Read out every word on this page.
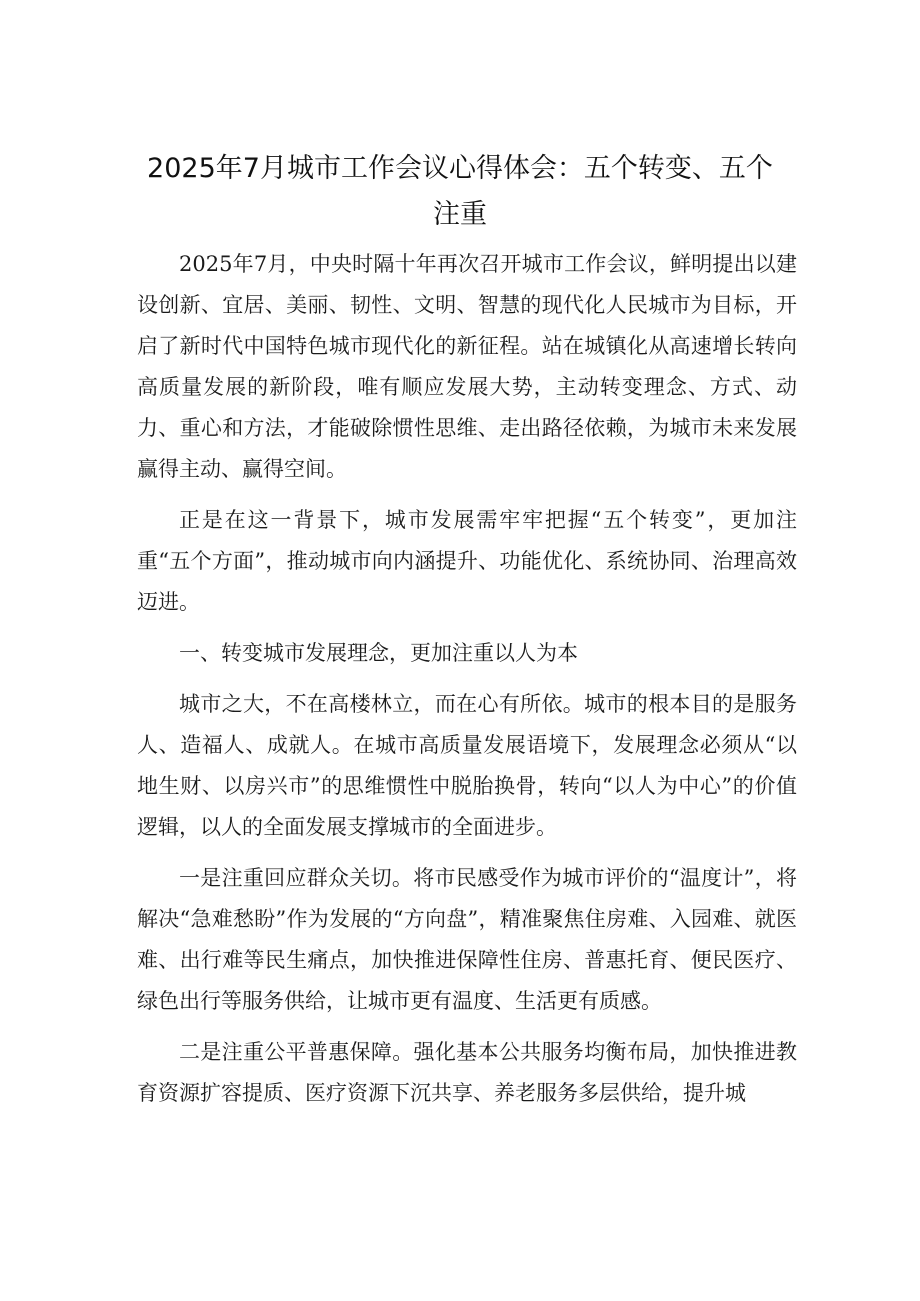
2025年7月城市工作会议心得体会：五个转变、五个
注重

2025年7月，中央时隔十年再次召开城市工作会议，鲜明提出以建设创新、宜居、美丽、韧性、文明、智慧的现代化人民城市为目标，开启了新时代中国特色城市现代化的新征程。站在城镇化从高速增长转向高质量发展的新阶段，唯有顺应发展大势，主动转变理念、方式、动力、重心和方法，才能破除惯性思维、走出路径依赖，为城市未来发展赢得主动、赢得空间。

正是在这一背景下，城市发展需牢牢把握“五个转变”，更加注重“五个方面”，推动城市向内涵提升、功能优化、系统协同、治理高效迈进。

一、转变城市发展理念，更加注重以人为本

城市之大，不在高楼林立，而在心有所依。城市的根本目的是服务人、造福人、成就人。在城市高质量发展语境下，发展理念必须从“以地生财、以房兴市”的思维惯性中脱胎换骨，转向“以人为中心”的价值逻辑，以人的全面发展支撑城市的全面进步。

一是注重回应群众关切。将市民感受作为城市评价的“温度计”，将解决“急难愁盼”作为发展的“方向盘”，精准聚焦住房难、入园难、就医难、出行难等民生痛点，加快推进保障性住房、普惠托育、便民医疗、绿色出行等服务供给，让城市更有温度、生活更有质感。

二是注重公平普惠保障。强化基本公共服务均衡布局，加快推进教育资源扩容提质、医疗资源下沉共享、养老服务多层供给，提升城
